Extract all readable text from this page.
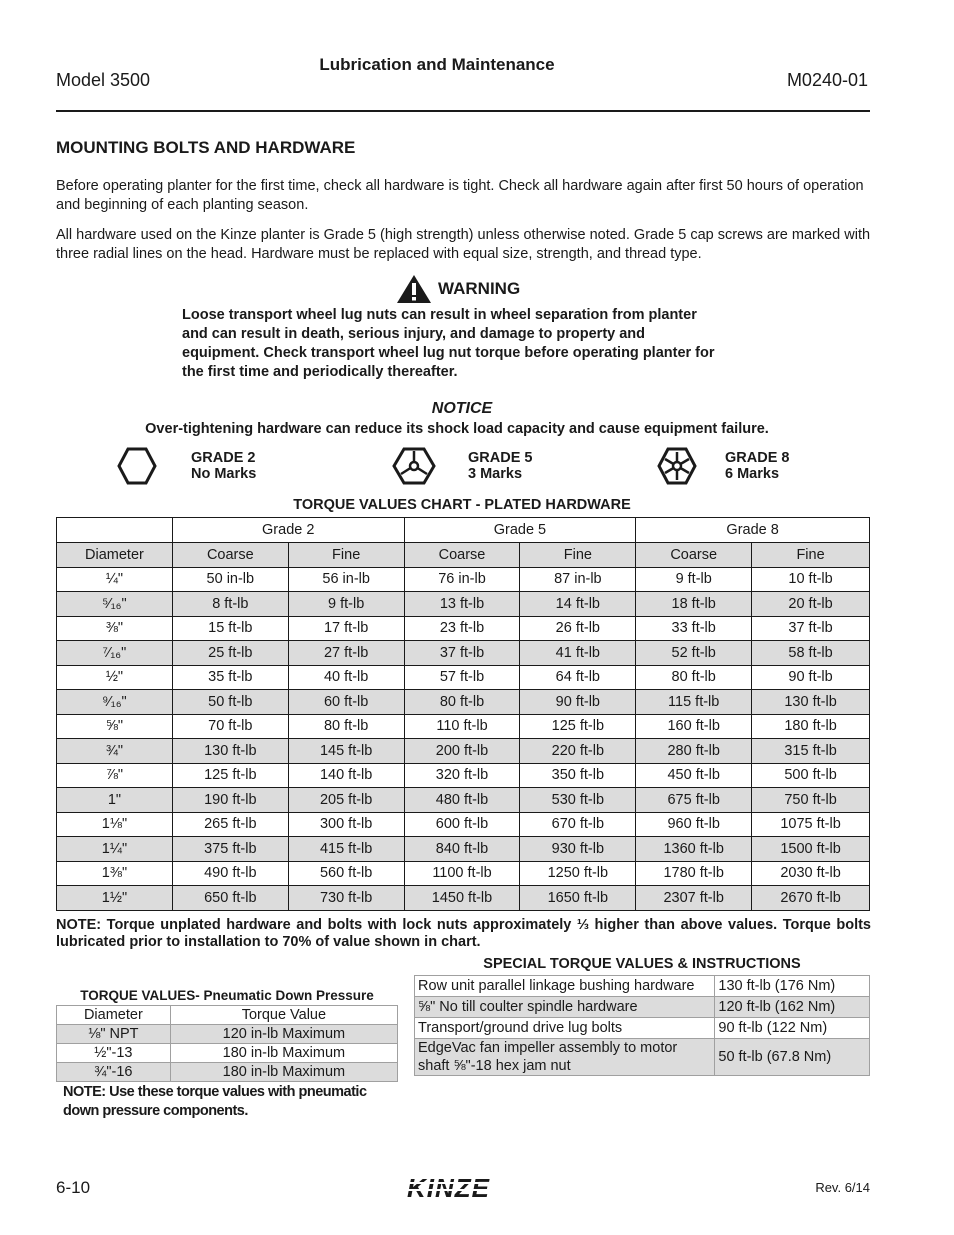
Model 3500
Lubrication and Maintenance
M0240-01
MOUNTING BOLTS AND HARDWARE
Before operating planter for the first time, check all hardware is tight. Check all hardware again after first 50 hours of operation and beginning of each planting season.
All hardware used on the Kinze planter is Grade 5 (high strength) unless otherwise noted. Grade 5 cap screws are marked with three radial lines on the head. Hardware must be replaced with equal size, strength, and thread type.
WARNING
Loose transport wheel lug nuts can result in wheel separation from planter and can result in death, serious injury, and damage to property and equipment. Check transport wheel lug nut torque before operating planter for the first time and periodically thereafter.
NOTICE
Over-tightening hardware can reduce its shock load capacity and cause equipment failure.
GRADE 2
No Marks
GRADE 5
3 Marks
GRADE 8
6 Marks
TORQUE VALUES CHART - PLATED HARDWARE
	Grade 2		Grade 5		Grade 8	
Diameter	Coarse	Fine	Coarse	Fine	Coarse	Fine
¼"	50 in-lb	56 in-lb	76 in-lb	87 in-lb	9 ft-lb	10 ft-lb
⁵⁄₁₆"	8 ft-lb	9 ft-lb	13 ft-lb	14 ft-lb	18 ft-lb	20 ft-lb
⅜"	15 ft-lb	17 ft-lb	23 ft-lb	26 ft-lb	33 ft-lb	37 ft-lb
⁷⁄₁₆"	25 ft-lb	27 ft-lb	37 ft-lb	41 ft-lb	52 ft-lb	58 ft-lb
½"	35 ft-lb	40 ft-lb	57 ft-lb	64 ft-lb	80 ft-lb	90 ft-lb
⁹⁄₁₆"	50 ft-lb	60 ft-lb	80 ft-lb	90 ft-lb	115 ft-lb	130 ft-lb
⅝"	70 ft-lb	80 ft-lb	110 ft-lb	125 ft-lb	160 ft-lb	180 ft-lb
¾"	130 ft-lb	145 ft-lb	200 ft-lb	220 ft-lb	280 ft-lb	315 ft-lb
⅞"	125 ft-lb	140 ft-lb	320 ft-lb	350 ft-lb	450 ft-lb	500 ft-lb
1"	190 ft-lb	205 ft-lb	480 ft-lb	530 ft-lb	675 ft-lb	750 ft-lb
1⅛"	265 ft-lb	300 ft-lb	600 ft-lb	670 ft-lb	960 ft-lb	1075 ft-lb
1¼"	375 ft-lb	415 ft-lb	840 ft-lb	930 ft-lb	1360 ft-lb	1500 ft-lb
1⅜"	490 ft-lb	560 ft-lb	1100 ft-lb	1250 ft-lb	1780 ft-lb	2030 ft-lb
1½"	650 ft-lb	730 ft-lb	1450 ft-lb	1650 ft-lb	2307 ft-lb	2670 ft-lb
NOTE: Torque unplated hardware and bolts with lock nuts approximately ⅓ higher than above values. Torque bolts lubricated prior to installation to 70% of value shown in chart.
SPECIAL TORQUE VALUES & INSTRUCTIONS
Row unit parallel linkage bushing hardware	130 ft-lb (176 Nm)
⅝" No till coulter spindle hardware	120 ft-lb (162 Nm)
Transport/ground drive lug bolts	90 ft-lb (122 Nm)
EdgeVac fan impeller assembly to motor shaft ⅝"-18 hex jam nut	50 ft-lb (67.8 Nm)
TORQUE VALUES- Pneumatic Down Pressure
Diameter	Torque Value
⅛" NPT	120 in-lb Maximum
½"-13	180 in-lb Maximum
¾"-16	180 in-lb Maximum
NOTE: Use these torque values with pneumatic down pressure components.
6-10	KINZE	Rev. 6/14
